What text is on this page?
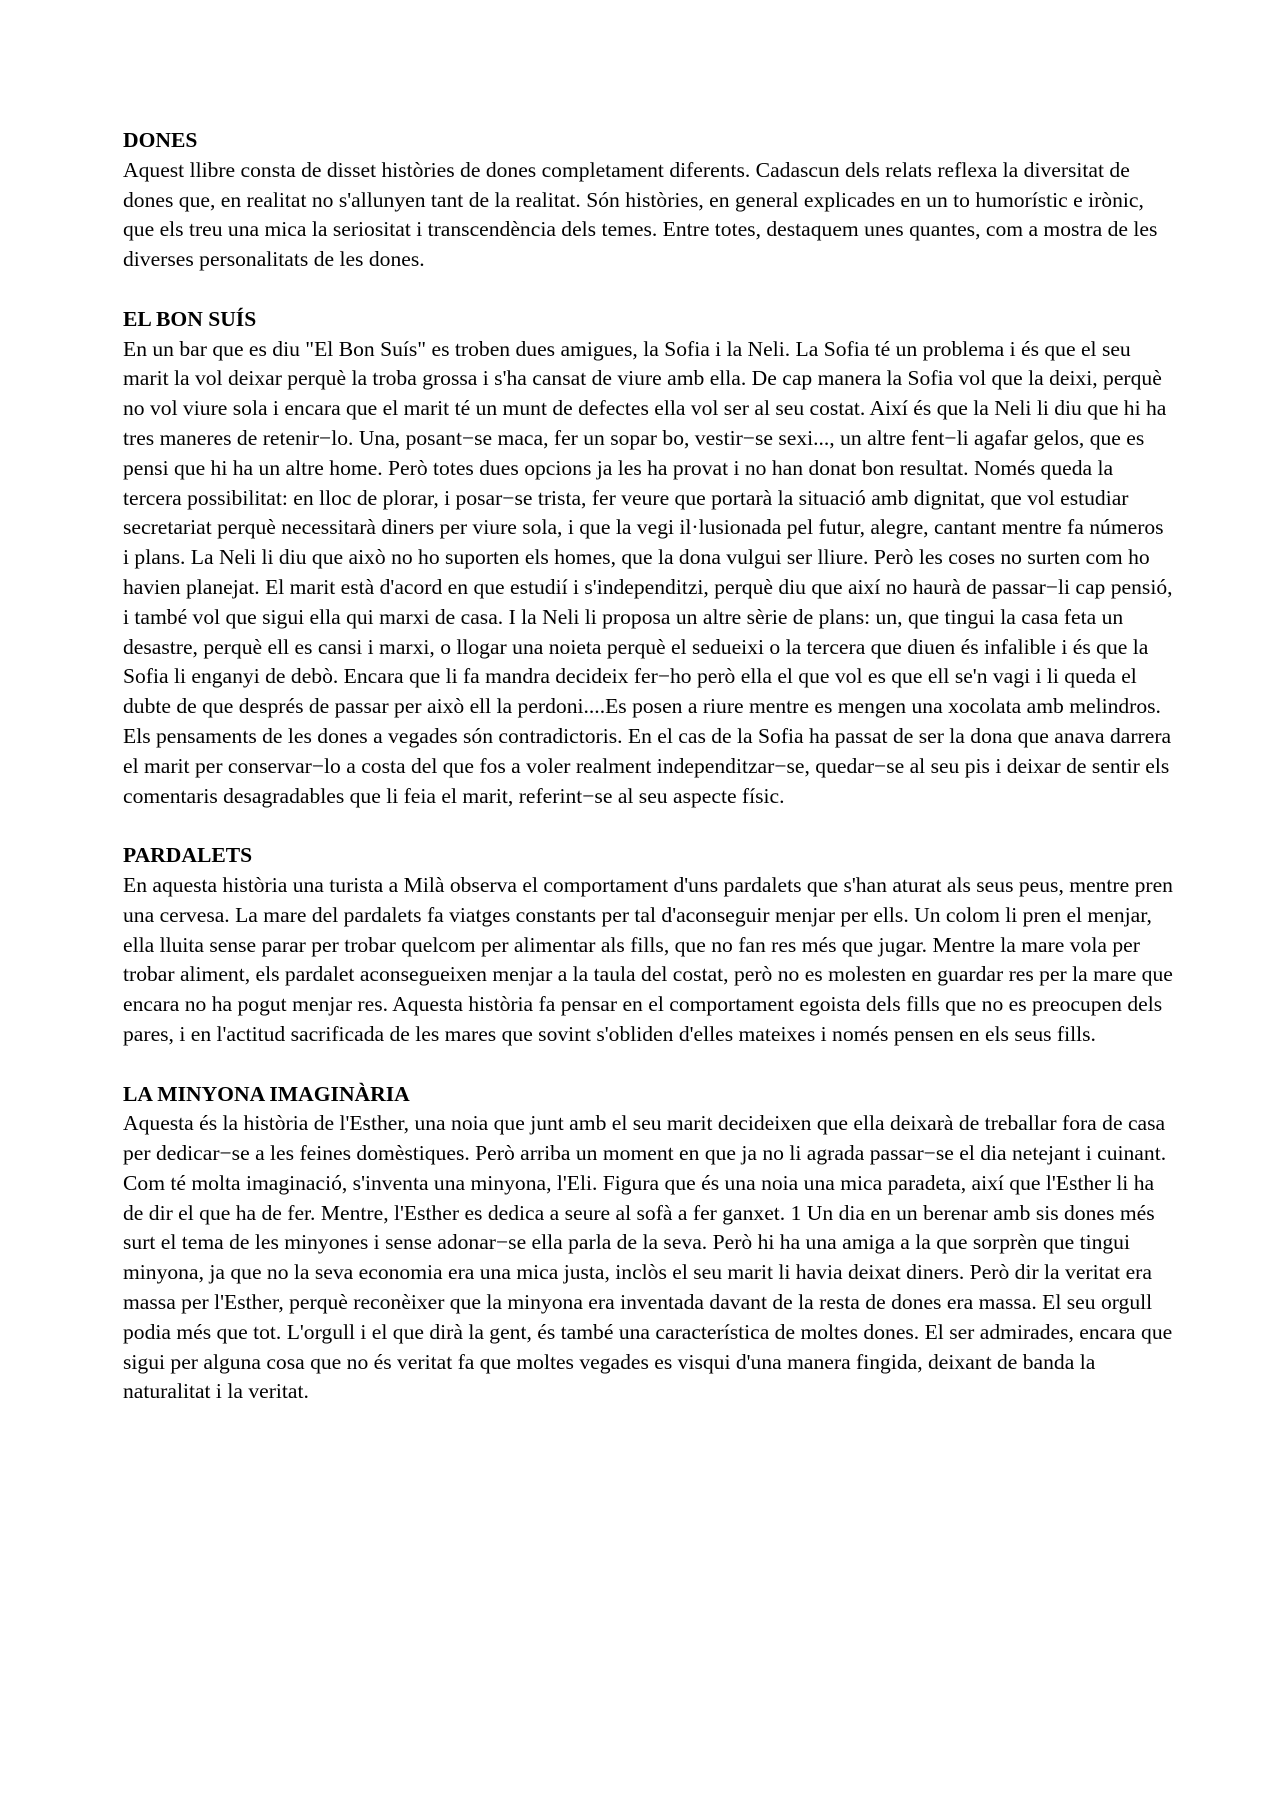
DONES

Aquest llibre consta de disset històries de dones completament diferents. Cadascun dels relats reflexa la diversitat de dones que, en realitat no s'allunyen tant de la realitat. Són històries, en general explicades en un to humorístic e irònic, que els treu una mica la seriositat i transcendència dels temes. Entre totes, destaquem unes quantes, com a mostra de les diverses personalitats de les dones.

EL BON SUÍS

En un bar que es diu "El Bon Suís" es troben dues amigues, la Sofia i la Neli. La Sofia té un problema i és que el seu marit la vol deixar perquè la troba grossa i s'ha cansat de viure amb ella. De cap manera la Sofia vol que la deixi, perquè no vol viure sola i encara que el marit té un munt de defectes ella vol ser al seu costat. Així és que la Neli li diu que hi ha tres maneres de retenir−lo. Una, posant−se maca, fer un sopar bo, vestir−se sexi..., un altre fent−li agafar gelos, que es pensi que hi ha un altre home. Però totes dues opcions ja les ha provat i no han donat bon resultat. Només queda la tercera possibilitat: en lloc de plorar, i posar−se trista, fer veure que portarà la situació amb dignitat, que vol estudiar secretariat perquè necessitarà diners per viure sola, i que la vegi il·lusionada pel futur, alegre, cantant mentre fa números i plans. La Neli li diu que això no ho suporten els homes, que la dona vulgui ser lliure. Però les coses no surten com ho havien planejat. El marit està d'acord en que estudií i s'independitzi, perquè diu que així no haurà de passar−li cap pensió, i també vol que sigui ella qui marxi de casa. I la Neli li proposa un altre sèrie de plans: un, que tingui la casa feta un desastre, perquè ell es cansi i marxi, o llogar una noieta perquè el sedueixi o la tercera que diuen és infalible i és que la Sofia li enganyi de debò. Encara que li fa mandra decideix fer−ho però ella el que vol es que ell se'n vagi i li queda el dubte de que després de passar per això ell la perdoni....Es posen a riure mentre es mengen una xocolata amb melindros. Els pensaments de les dones a vegades són contradictoris. En el cas de la Sofia ha passat de ser la dona que anava darrera el marit per conservar−lo a costa del que fos a voler realment independitzar−se, quedar−se al seu pis i deixar de sentir els comentaris desagradables que li feia el marit, referint−se al seu aspecte físic.

PARDALETS

En aquesta història una turista a Milà observa el comportament d'uns pardalets que s'han aturat als seus peus, mentre pren una cervesa. La mare del pardalets fa viatges constants per tal d'aconseguir menjar per ells. Un colom li pren el menjar, ella lluita sense parar per trobar quelcom per alimentar als fills, que no fan res més que jugar. Mentre la mare vola per trobar aliment, els pardalet aconsegueixen menjar a la taula del costat, però no es molesten en guardar res per la mare que encara no ha pogut menjar res. Aquesta història fa pensar en el comportament egoista dels fills que no es preocupen dels pares, i en l'actitud sacrificada de les mares que sovint s'obliden d'elles mateixes i només pensen en els seus fills.

LA MINYONA IMAGINÀRIA

Aquesta és la història de l'Esther, una noia que junt amb el seu marit decideixen que ella deixarà de treballar fora de casa per dedicar−se a les feines domèstiques. Però arriba un moment en que ja no li agrada passar−se el dia netejant i cuinant. Com té molta imaginació, s'inventa una minyona, l'Eli. Figura que és una noia una mica paradeta, així que l'Esther li ha de dir el que ha de fer. Mentre, l'Esther es dedica a seure al sofà a fer ganxet. 1 Un dia en un berenar amb sis dones més surt el tema de les minyones i sense adonar−se ella parla de la seva. Però hi ha una amiga a la que sorprèn que tingui minyona, ja que no la seva economia era una mica justa, inclòs el seu marit li havia deixat diners. Però dir la veritat era massa per l'Esther, perquè reconèixer que la minyona era inventada davant de la resta de dones era massa. El seu orgull podia més que tot. L'orgull i el que dirà la gent, és també una característica de moltes dones. El ser admirades, encara que sigui per alguna cosa que no és veritat fa que moltes vegades es visqui d'una manera fingida, deixant de banda la naturalitat i la veritat.
